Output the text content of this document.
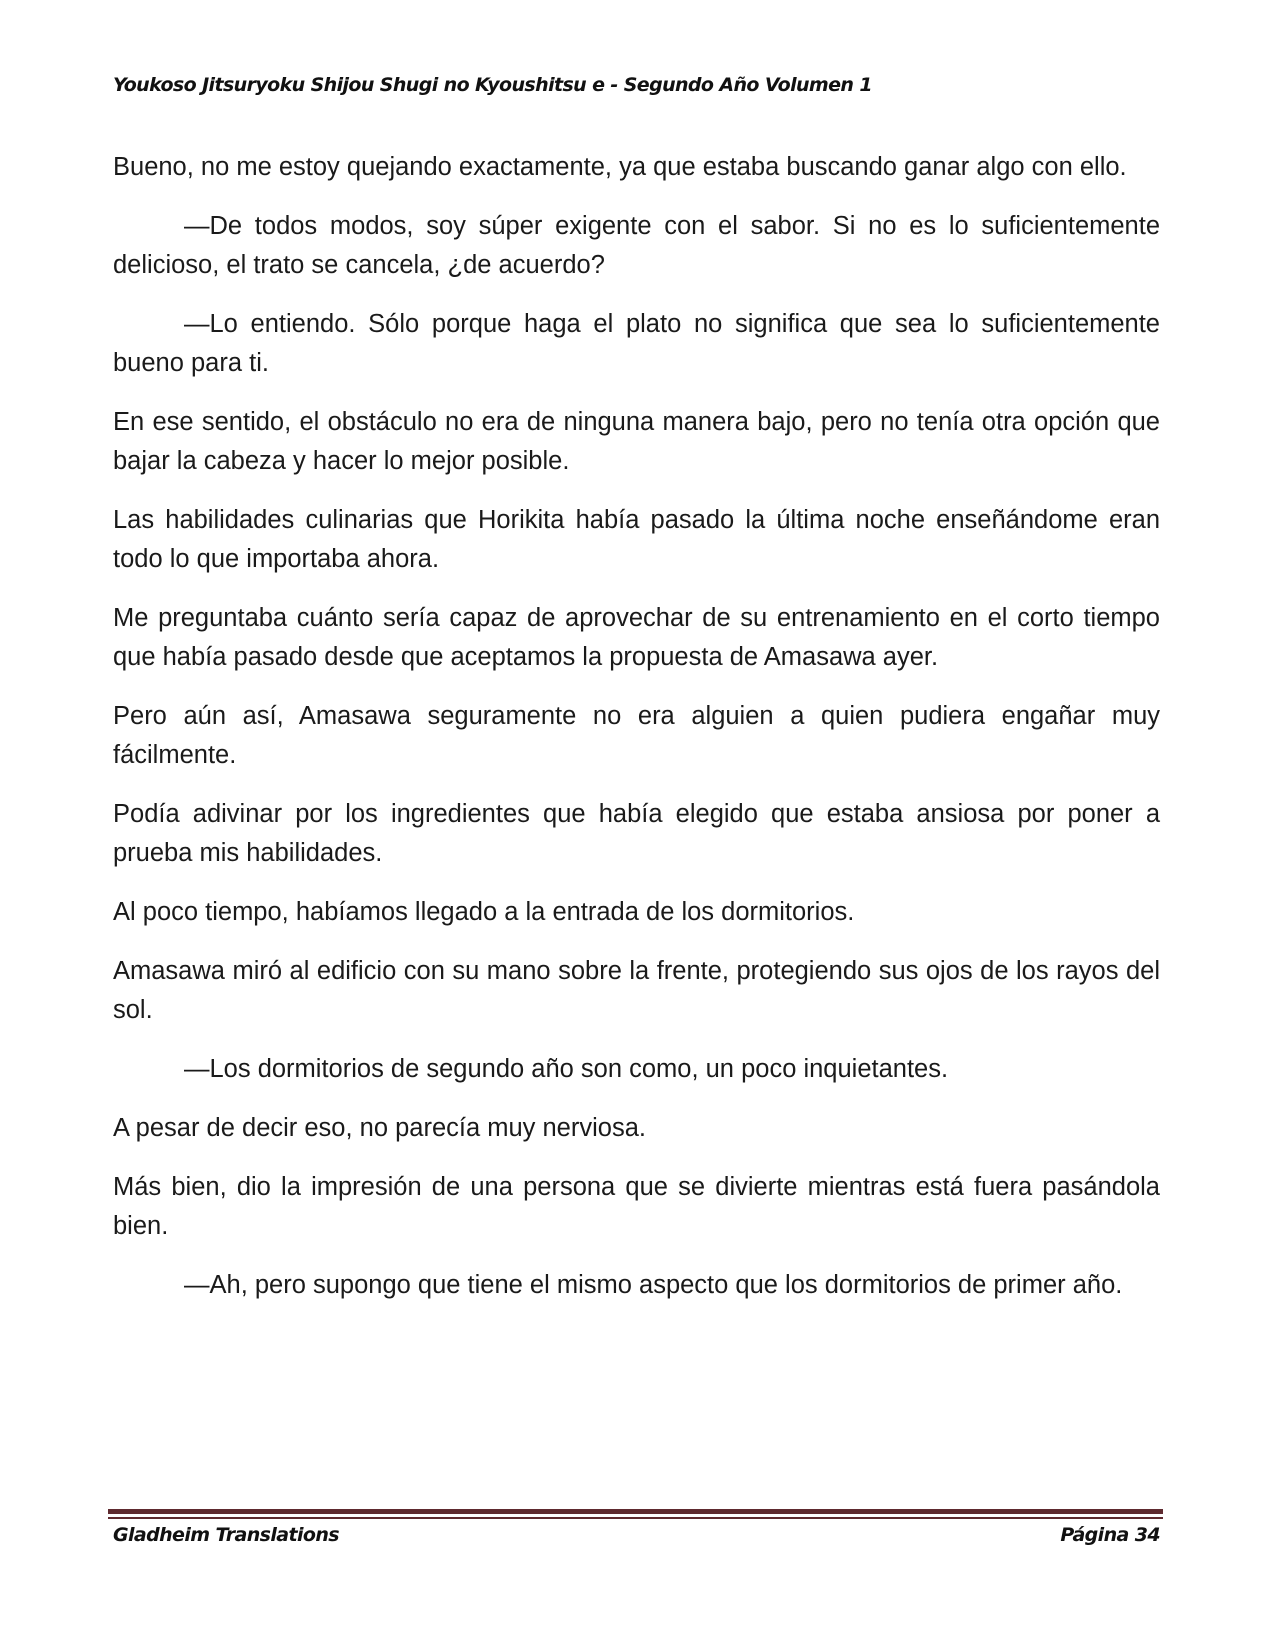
Youkoso Jitsuryoku Shijou Shugi no Kyoushitsu e - Segundo Año Volumen 1

Bueno, no me estoy quejando exactamente, ya que estaba buscando ganar algo con ello.

—De todos modos, soy súper exigente con el sabor. Si no es lo suficientemente delicioso, el trato se cancela, ¿de acuerdo?

—Lo entiendo. Sólo porque haga el plato no significa que sea lo suficientemente bueno para ti.

En ese sentido, el obstáculo no era de ninguna manera bajo, pero no tenía otra opción que bajar la cabeza y hacer lo mejor posible.

Las habilidades culinarias que Horikita había pasado la última noche enseñándome eran todo lo que importaba ahora.

Me preguntaba cuánto sería capaz de aprovechar de su entrenamiento en el corto tiempo que había pasado desde que aceptamos la propuesta de Amasawa ayer.

Pero aún así, Amasawa seguramente no era alguien a quien pudiera engañar muy fácilmente.

Podía adivinar por los ingredientes que había elegido que estaba ansiosa por poner a prueba mis habilidades.

Al poco tiempo, habíamos llegado a la entrada de los dormitorios.

Amasawa miró al edificio con su mano sobre la frente, protegiendo sus ojos de los rayos del sol.

—Los dormitorios de segundo año son como, un poco inquietantes.

A pesar de decir eso, no parecía muy nerviosa.

Más bien, dio la impresión de una persona que se divierte mientras está fuera pasándola bien.

—Ah, pero supongo que tiene el mismo aspecto que los dormitorios de primer año.

Gladheim Translations	Página 34
